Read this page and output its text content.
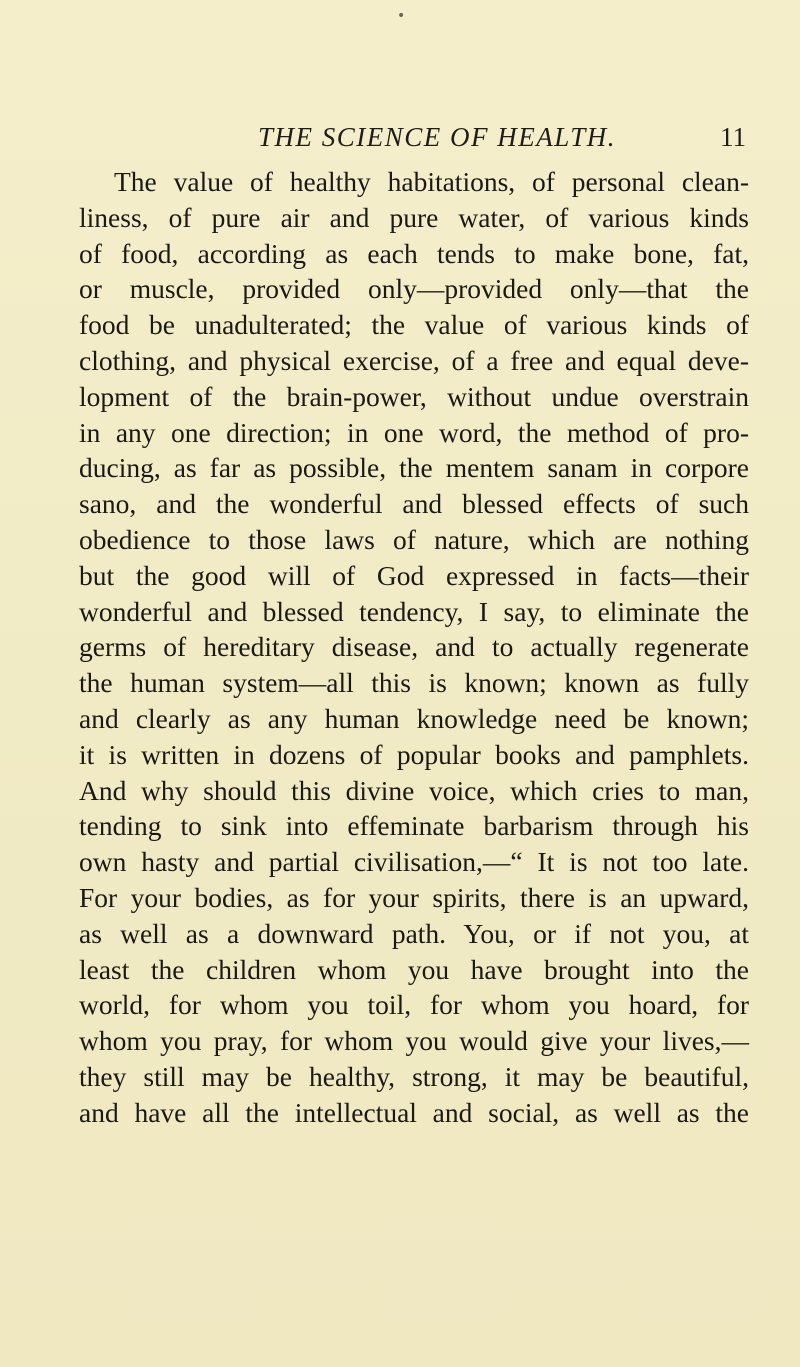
•
THE SCIENCE OF HEALTH.	11
The value of healthy habitations, of personal clean-
liness, of pure air and pure water, of various kinds
of food, according as each tends to make bone, fat,
or muscle, provided only—provided only—that the
food be unadulterated; the value of various kinds of
clothing, and physical exercise, of a free and equal deve-
lopment of the brain-power, without undue overstrain
in any one direction; in one word, the method of pro-
ducing, as far as possible, the mentem sanam in corpore
sano, and the wonderful and blessed effects of such
obedience to those laws of nature, which are nothing
but the good will of God expressed in facts—their
wonderful and blessed tendency, I say, to eliminate the
germs of hereditary disease, and to actually regenerate
the human system—all this is known; known as fully
and clearly as any human knowledge need be known;
it is written in dozens of popular books and pamphlets.
And why should this divine voice, which cries to man,
tending to sink into effeminate barbarism through his
own hasty and partial civilisation,—“ It is not too late.
For your bodies, as for your spirits, there is an upward,
as well as a downward path. You, or if not you, at
least the children whom you have brought into the
world, for whom you toil, for whom you hoard, for
whom you pray, for whom you would give your lives,—
they still may be healthy, strong, it may be beautiful,
and have all the intellectual and social, as well as the
